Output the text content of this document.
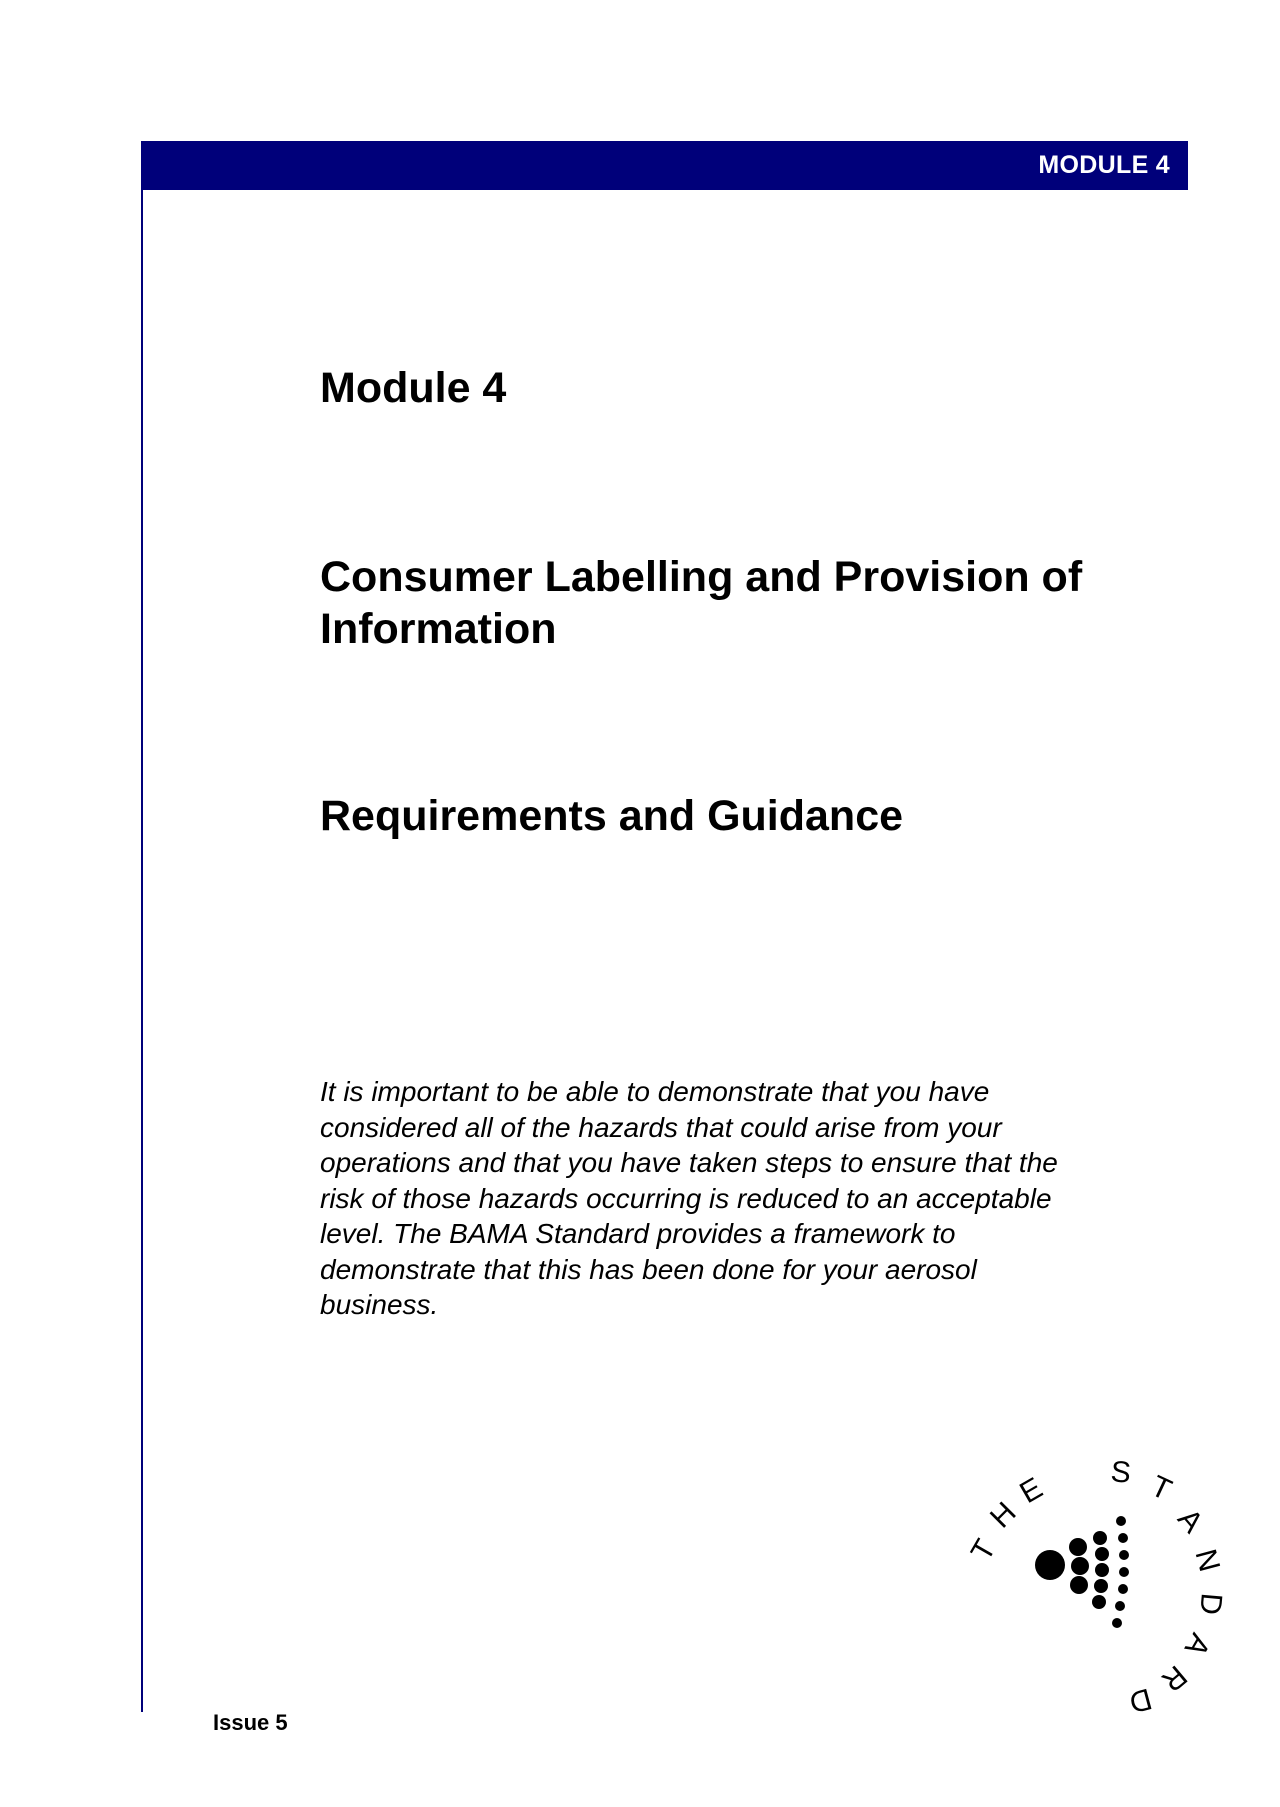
MODULE 4
Module 4
Consumer Labelling and Provision of Information
Requirements and Guidance

It is important to be able to demonstrate that you have considered all of the hazards that could arise from your operations and that you have taken steps to ensure that the risk of those hazards occurring is reduced to an acceptable level. The BAMA Standard provides a framework to demonstrate that this has been done for your aerosol business.

Issue 5
T
H
E S T
A
N
D
A
R
D
